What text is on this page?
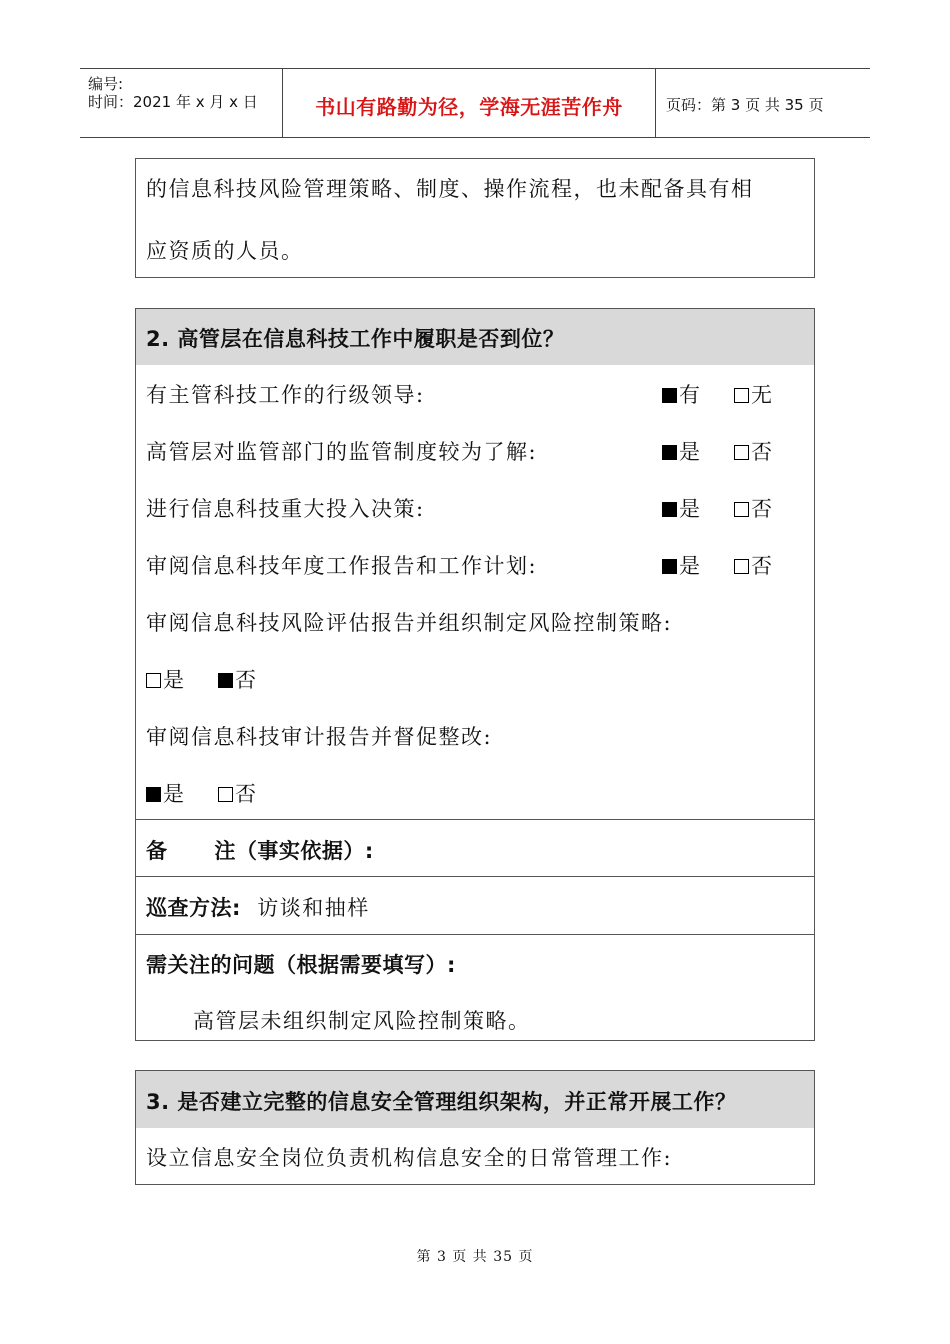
编号:
时间：2021 年 x 月 x 日	书山有路勤为径，学海无涯苦作舟	页码：第 3 页 共 35 页
的信息科技风险管理策略、制度、操作流程，也未配备具有相
应资质的人员。
2. 高管层在信息科技工作中履职是否到位？
有主管科技工作的行级领导:	有	无
高管层对监管部门的监管制度较为了解:	是	否
进行信息科技重大投入决策:	是	否
审阅信息科技年度工作报告和工作计划:	是	否
审阅信息科技风险评估报告并组织制定风险控制策略:
是	否
审阅信息科技审计报告并督促整改:
是	否
备      注（事实依据）:
巡查方法: 访谈和抽样
需关注的问题（根据需要填写）:
高管层未组织制定风险控制策略。
3. 是否建立完整的信息安全管理组织架构，并正常开展工作？
设立信息安全岗位负责机构信息安全的日常管理工作:
第 3 页 共 35 页
